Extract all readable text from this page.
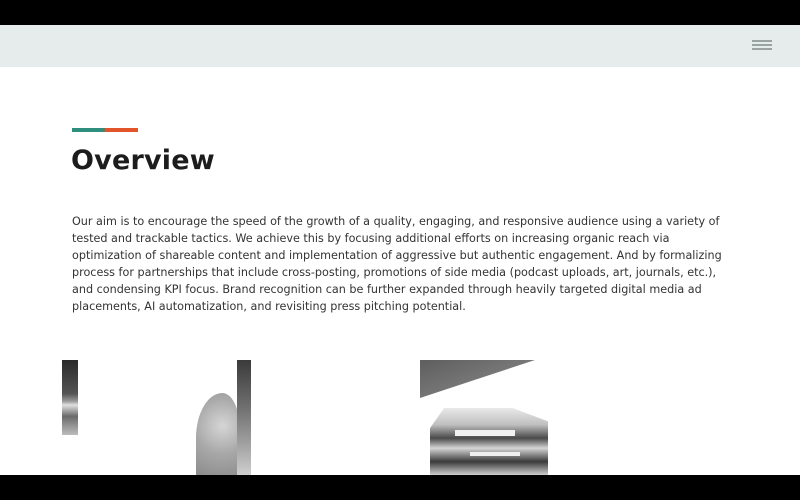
Overview

Our aim is to encourage the speed of the growth of a quality, engaging, and responsive audience using a variety of tested and trackable tactics. We achieve this by focusing additional efforts on increasing organic reach via optimization of shareable content and implementation of aggressive but authentic engagement. And by formalizing process for partnerships that include cross-posting, promotions of side media (podcast uploads, art, journals, etc.), and condensing KPI focus. Brand recognition can be further expanded through heavily targeted digital media ad placements, AI automatization, and revisiting press pitching potential.
